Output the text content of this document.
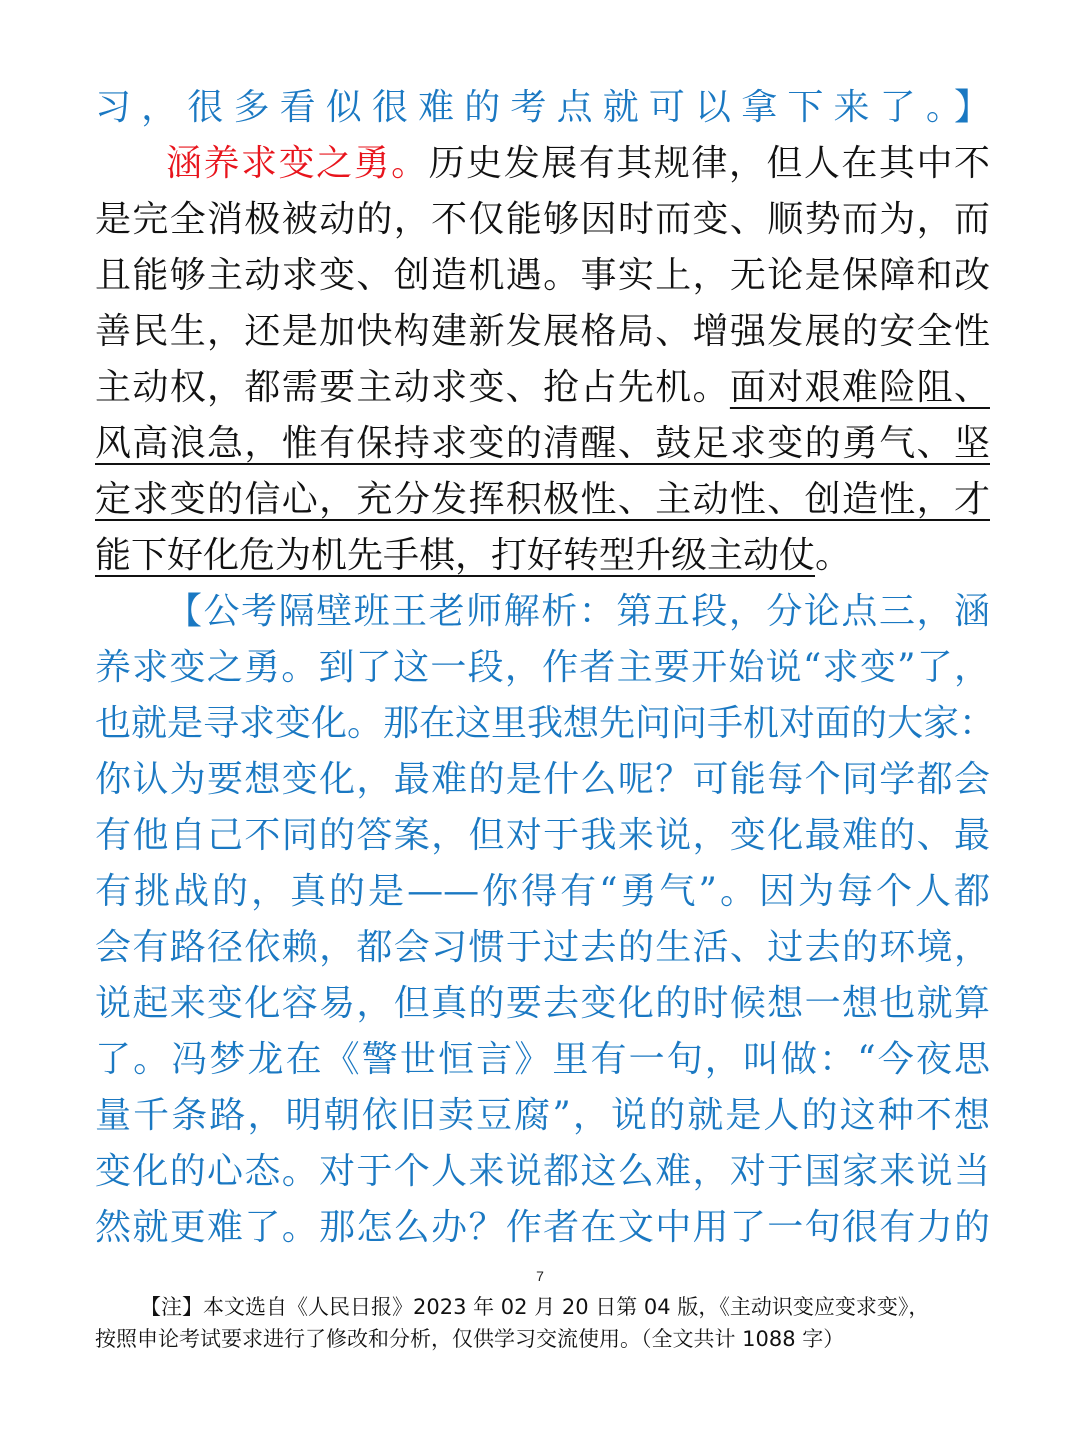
习，很多看似很难的考点就可以拿下来了。】
涵养求变之勇。历史发展有其规律，但人在其中不
是完全消极被动的，不仅能够因时而变、顺势而为，而
且能够主动求变、创造机遇。事实上，无论是保障和改
善民生，还是加快构建新发展格局、增强发展的安全性
主动权，都需要主动求变、抢占先机。面对艰难险阻、
风高浪急，惟有保持求变的清醒、鼓足求变的勇气、坚
定求变的信心，充分发挥积极性、主动性、创造性，才
能下好化危为机先手棋，打好转型升级主动仗。
【公考隔壁班王老师解析：第五段，分论点三，涵
养求变之勇。到了这一段，作者主要开始说“求变”了，
也就是寻求变化。那在这里我想先问问手机对面的大家：
你认为要想变化，最难的是什么呢？可能每个同学都会
有他自己不同的答案，但对于我来说，变化最难的、最
有挑战的，真的是——你得有“勇气”。因为每个人都
会有路径依赖，都会习惯于过去的生活、过去的环境，
说起来变化容易，但真的要去变化的时候想一想也就算
了。冯梦龙在《警世恒言》里有一句，叫做：“今夜思
量千条路，明朝依旧卖豆腐”，说的就是人的这种不想
变化的心态。对于个人来说都这么难，对于国家来说当
然就更难了。那怎么办？作者在文中用了一句很有力的
7
【注】本文选自《人民日报》2023 年 02 月 20 日第 04 版，《主动识变应变求变》，
按照申论考试要求进行了修改和分析，仅供学习交流使用。（全文共计 1088 字）
